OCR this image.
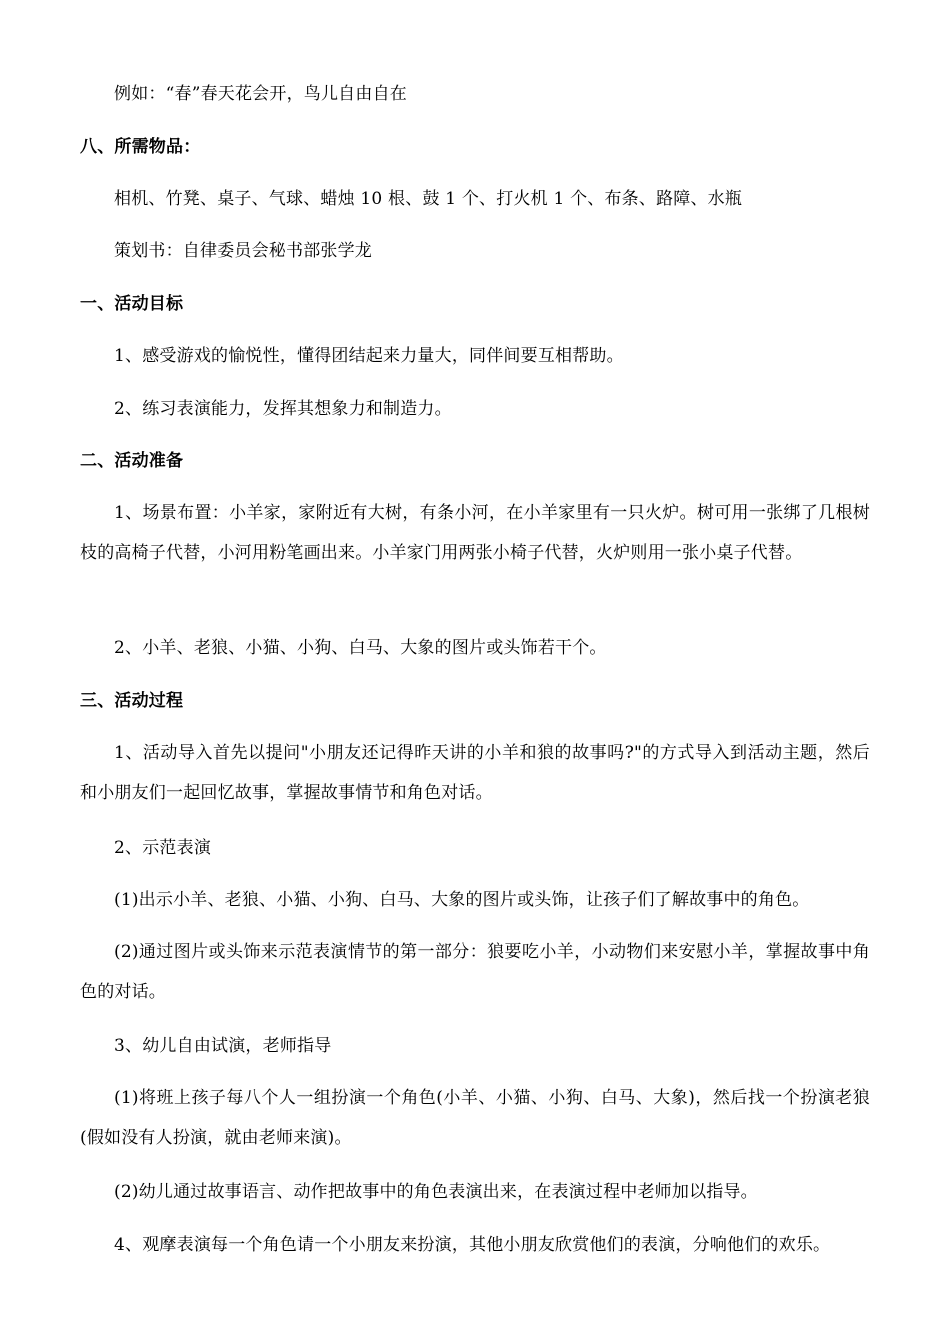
例如：“春”春天花会开，鸟儿自由自在
八、所需物品：
相机、竹凳、桌子、气球、蜡烛 10 根、鼓 1 个、打火机 1 个、布条、路障、水瓶
策划书：自律委员会秘书部张学龙
一、活动目标
1、感受游戏的愉悦性，懂得团结起来力量大，同伴间要互相帮助。
2、练习表演能力，发挥其想象力和制造力。
二、活动准备
1、场景布置：小羊家，家附近有大树，有条小河，在小羊家里有一只火炉。树可用一张绑了几根树枝的高椅子代替，小河用粉笔画出来。小羊家门用两张小椅子代替，火炉则用一张小桌子代替。
2、小羊、老狼、小猫、小狗、白马、大象的图片或头饰若干个。
三、活动过程
1、活动导入首先以提问"小朋友还记得昨天讲的小羊和狼的故事吗?"的方式导入到活动主题，然后和小朋友们一起回忆故事，掌握故事情节和角色对话。
2、示范表演
(1)出示小羊、老狼、小猫、小狗、白马、大象的图片或头饰，让孩子们了解故事中的角色。
(2)通过图片或头饰来示范表演情节的第一部分：狼要吃小羊，小动物们来安慰小羊，掌握故事中角色的对话。
3、幼儿自由试演，老师指导
(1)将班上孩子每八个人一组扮演一个角色(小羊、小猫、小狗、白马、大象)，然后找一个扮演老狼(假如没有人扮演，就由老师来演)。
(2)幼儿通过故事语言、动作把故事中的角色表演出来，在表演过程中老师加以指导。
4、观摩表演每一个角色请一个小朋友来扮演，其他小朋友欣赏他们的表演，分响他们的欢乐。
